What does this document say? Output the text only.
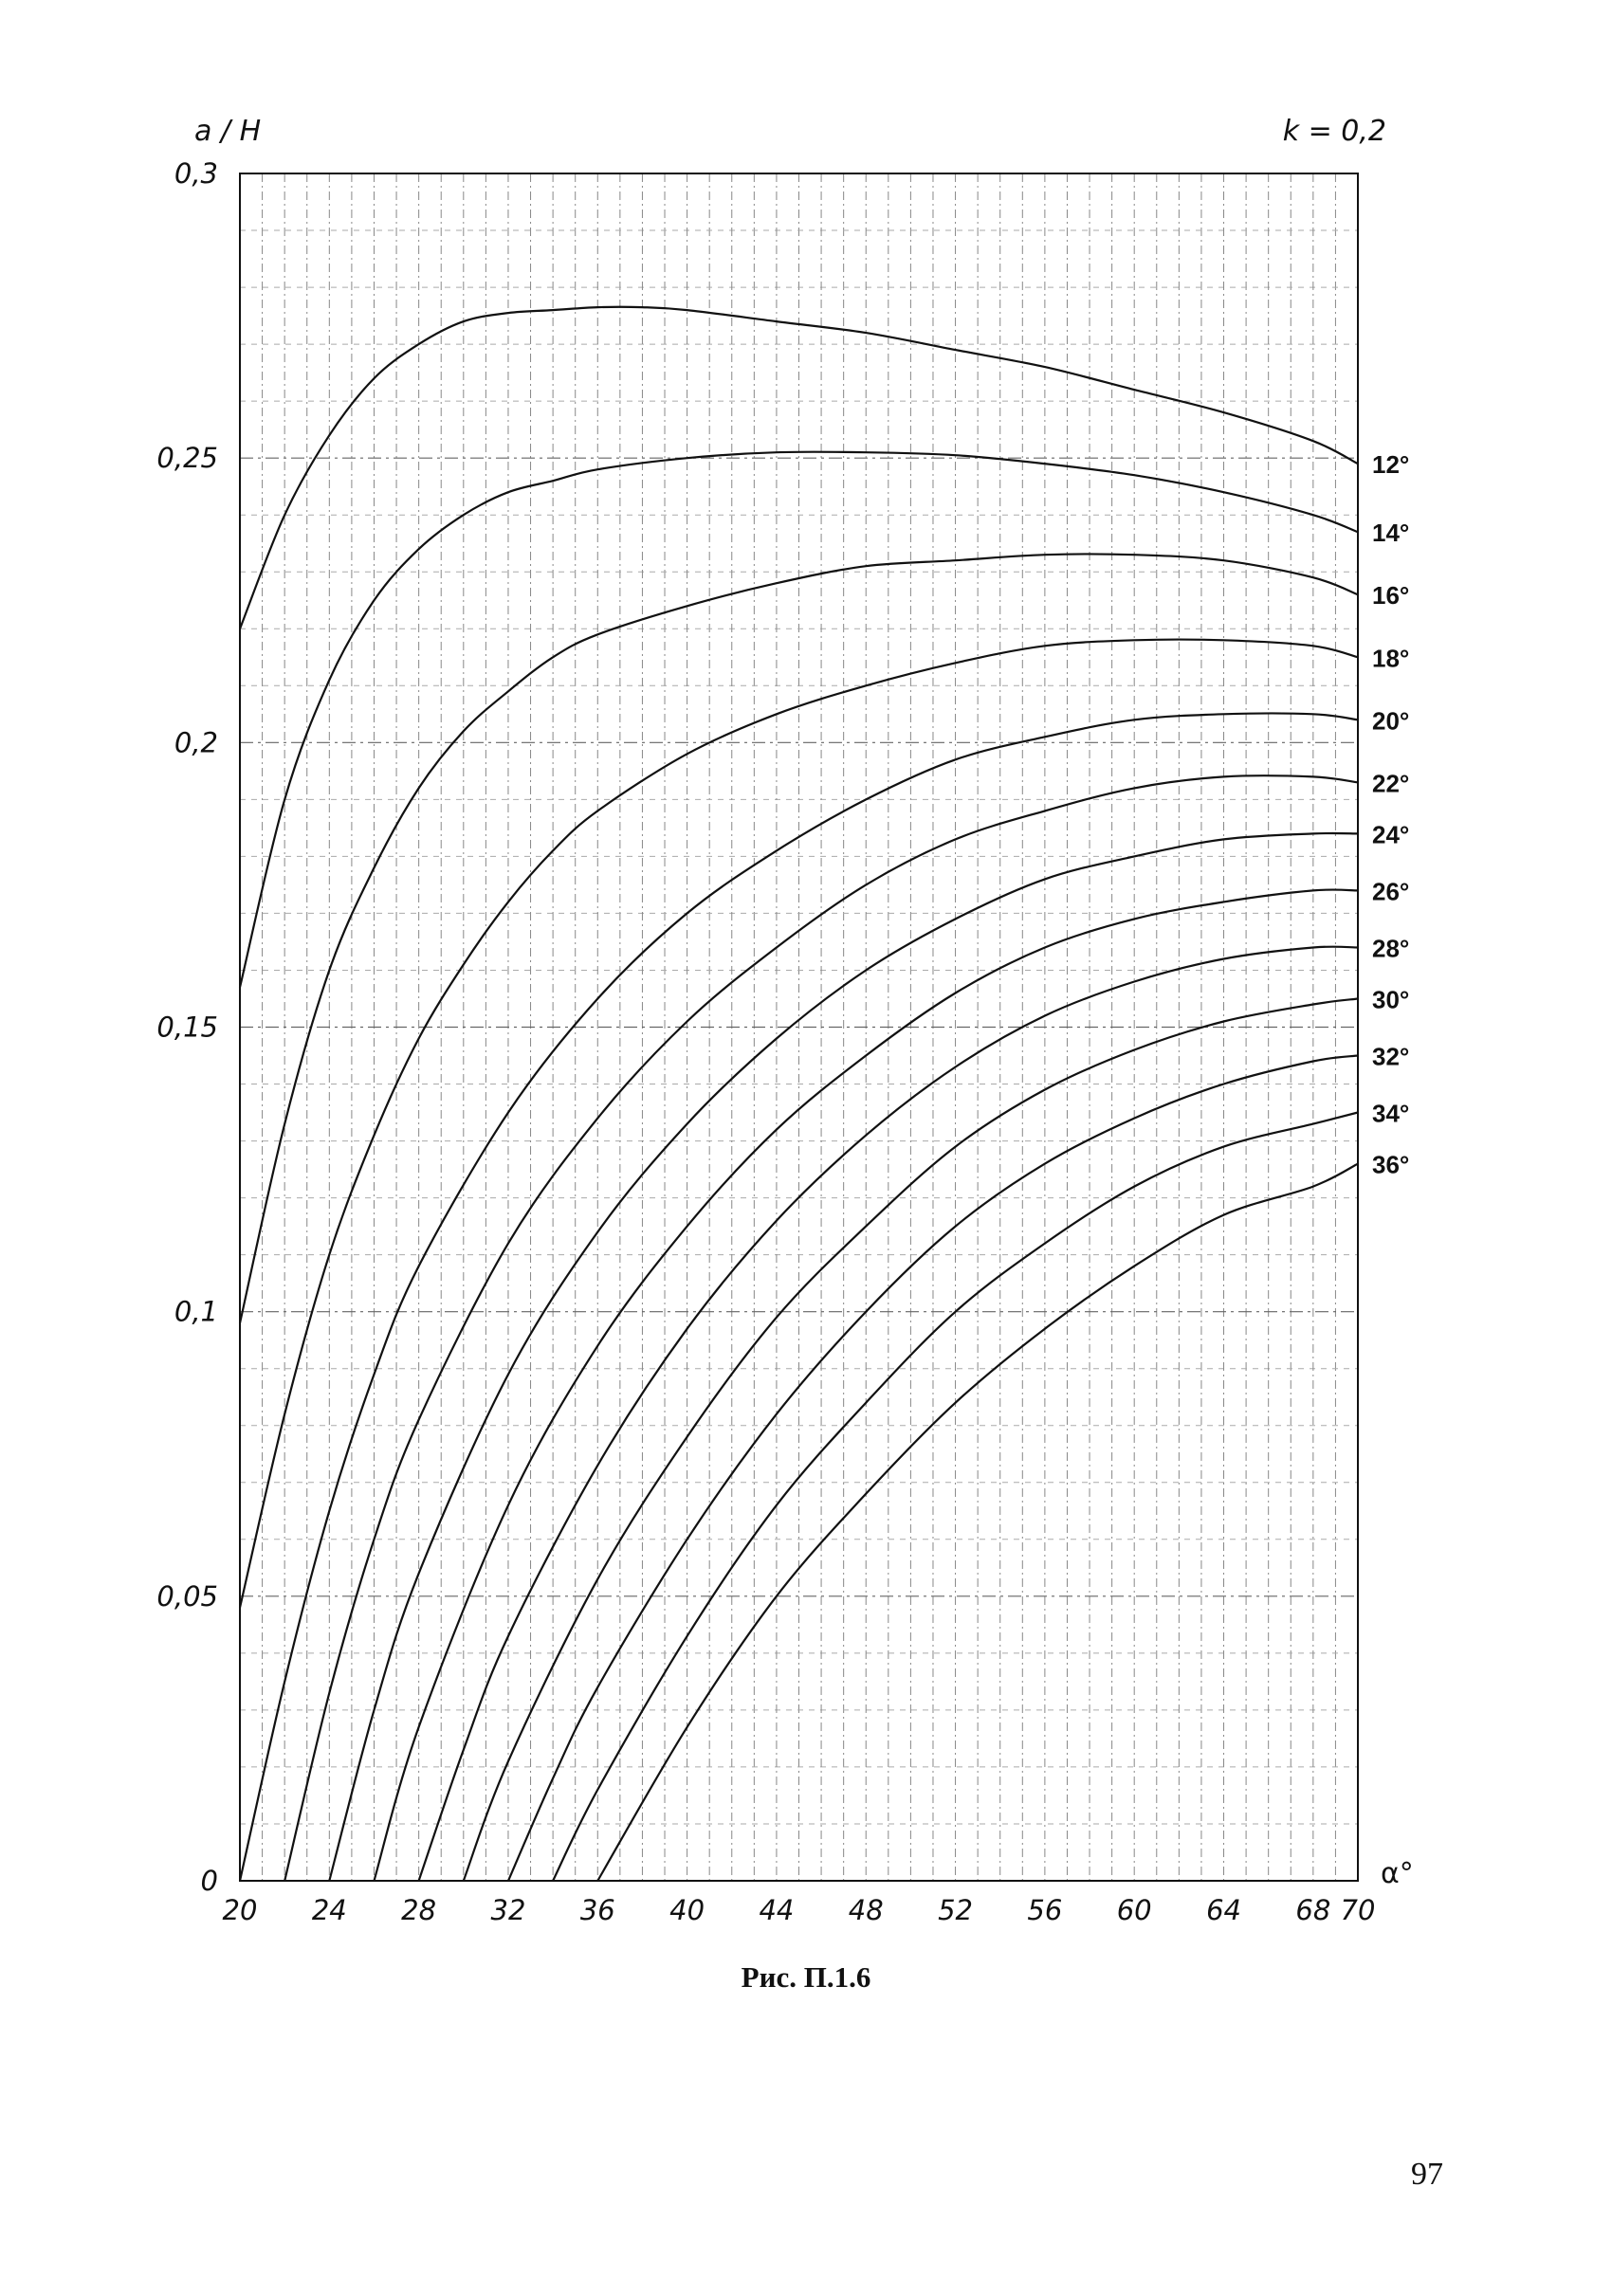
0
0,05
0,1
0,15
0,2
0,25
0,3
20 24 28 32 36 40 44 48 52 56 60 64 68 70
12°
14°
16°
18°
20°
22°
24°
26°
28°
30°
32°
34°
36°
a / H	k = 0,2
α°
Рис. П.1.6
97
